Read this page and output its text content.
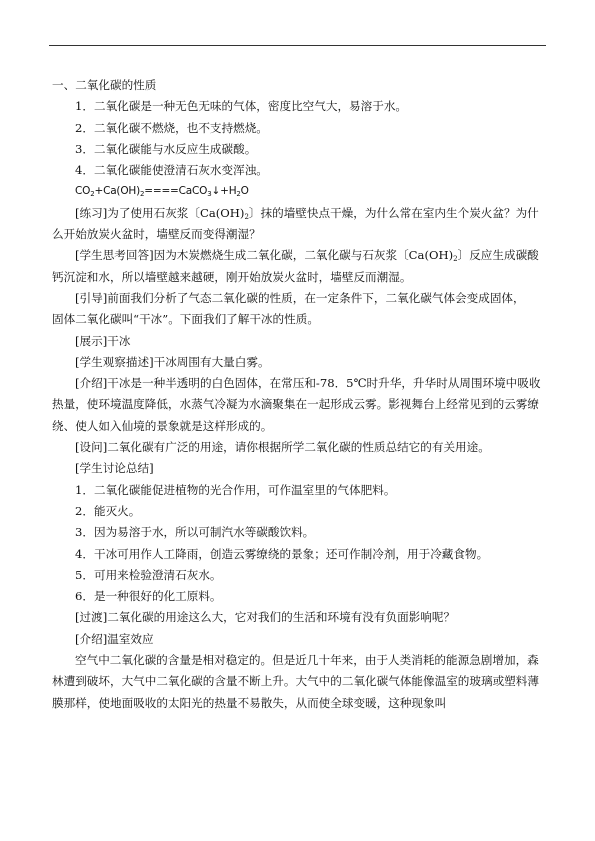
一、二氧化碳的性质

1．二氧化碳是一种无色无味的气体，密度比空气大，易溶于水。

2．二氧化碳不燃烧，也不支持燃烧。

3．二氧化碳能与水反应生成碳酸。

4．二氧化碳能使澄清石灰水变浑浊。

$CO_2+Ca(OH)_2====CaCO_3↓+H_2O$

[练习]为了使用石灰浆〔$Ca(OH)_2$〕抹的墙壁快点干燥，为什么常在室内生个炭火盆？为什么开始放炭火盆时，墙壁反而变得潮湿？

[学生思考回答]因为木炭燃烧生成二氧化碳，二氧化碳与石灰浆〔$Ca(OH)_2$〕反应生成碳酸钙沉淀和水，所以墙壁越来越硬，刚开始放炭火盆时，墙壁反而潮湿。

[引导]前面我们分析了气态二氧化碳的性质，在一定条件下，二氧化碳气体会变成固体，

固体二氧化碳叫“干冰”。下面我们了解干冰的性质。

[展示]干冰

[学生观察描述]干冰周围有大量白雾。

[介绍]干冰是一种半透明的白色固体，在常压和-78．5℃时升华，升华时从周围环境中吸收热量，使环境温度降低，水蒸气冷凝为水滴聚集在一起形成云雾。影视舞台上经常见到的云雾缭绕、使人如入仙境的景象就是这样形成的。

[设问]二氧化碳有广泛的用途，请你根据所学二氧化碳的性质总结它的有关用途。

[学生讨论总结]

1．二氧化碳能促进植物的光合作用，可作温室里的气体肥料。

2．能灭火。

3．因为易溶于水，所以可制汽水等碳酸饮料。

4．干冰可用作人工降雨，创造云雾缭绕的景象；还可作制冷剂，用于冷藏食物。

5．可用来检验澄清石灰水。

6．是一种很好的化工原料。

[过渡]二氧化碳的用途这么大，它对我们的生活和环境有没有负面影响呢？

[介绍]温室效应

空气中二氧化碳的含量是相对稳定的。但是近几十年来，由于人类消耗的能源急剧增加，森林遭到破坏，大气中二氧化碳的含量不断上升。大气中的二氧化碳气体能像温室的玻璃或塑料薄膜那样，使地面吸收的太阳光的热量不易散失，从而使全球变暖，这种现象叫
